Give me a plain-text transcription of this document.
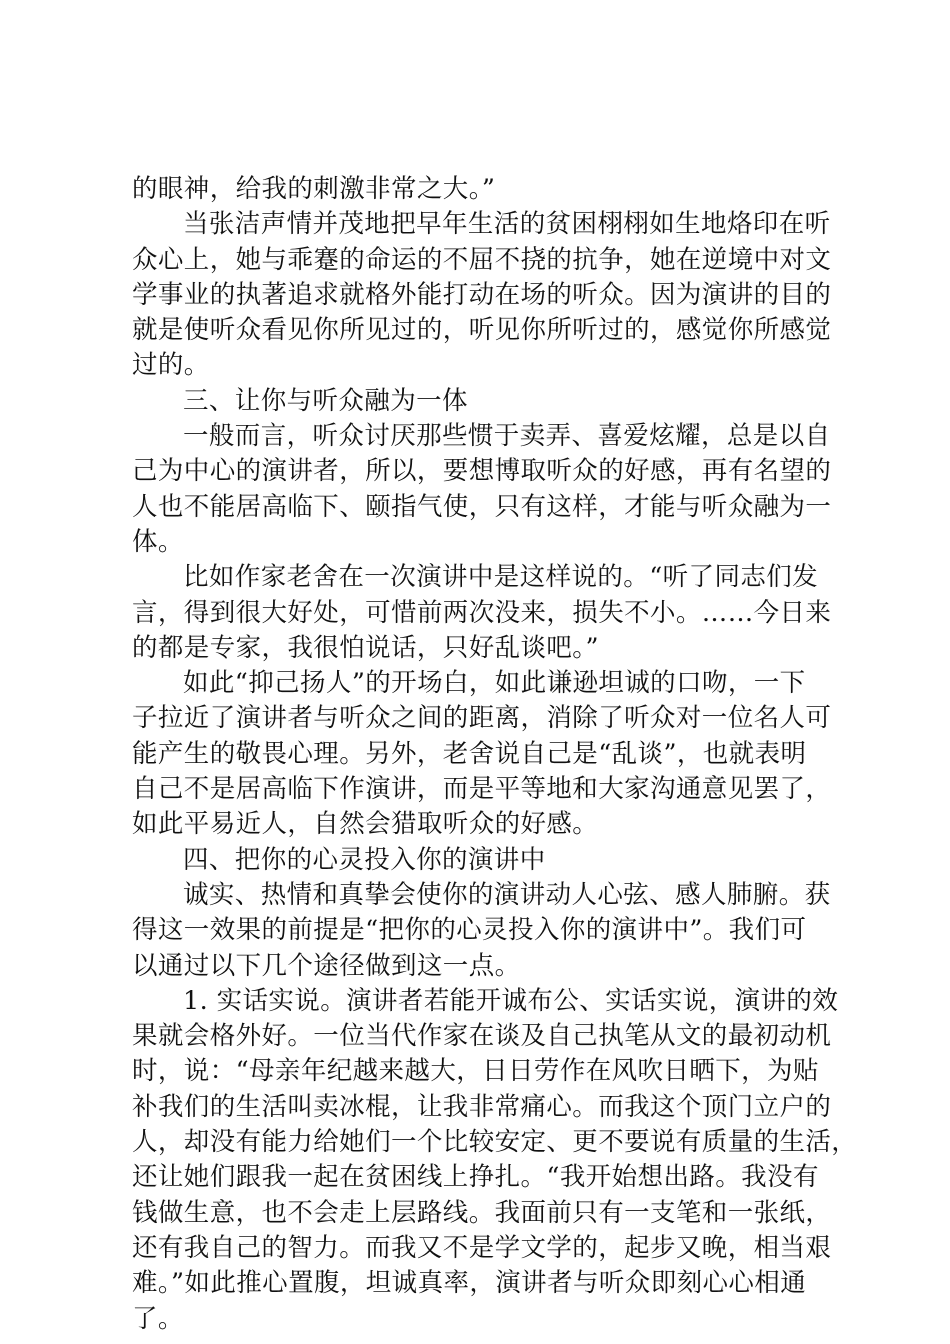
的眼神，给我的刺激非常之大。”
当张洁声情并茂地把早年生活的贫困栩栩如生地烙印在听
众心上，她与乖蹇的命运的不屈不挠的抗争，她在逆境中对文
学事业的执著追求就格外能打动在场的听众。因为演讲的目的
就是使听众看见你所见过的，听见你所听过的，感觉你所感觉
过的。
三、让你与听众融为一体
一般而言，听众讨厌那些惯于卖弄、喜爱炫耀，总是以自
己为中心的演讲者，所以，要想博取听众的好感，再有名望的
人也不能居高临下、颐指气使，只有这样，才能与听众融为一
体。
比如作家老舍在一次演讲中是这样说的。“听了同志们发
言，得到很大好处，可惜前两次没来，损失不小。……今日来
的都是专家，我很怕说话，只好乱谈吧。”
如此“抑己扬人”的开场白，如此谦逊坦诚的口吻，一下
子拉近了演讲者与听众之间的距离，消除了听众对一位名人可
能产生的敬畏心理。另外，老舍说自己是“乱谈”，也就表明
自己不是居高临下作演讲，而是平等地和大家沟通意见罢了，
如此平易近人，自然会猎取听众的好感。
四、把你的心灵投入你的演讲中
诚实、热情和真挚会使你的演讲动人心弦、感人肺腑。获
得这一效果的前提是“把你的心灵投入你的演讲中”。我们可
以通过以下几个途径做到这一点。
1. 实话实说。演讲者若能开诚布公、实话实说，演讲的效
果就会格外好。一位当代作家在谈及自己执笔从文的最初动机
时，说：“母亲年纪越来越大，日日劳作在风吹日晒下，为贴
补我们的生活叫卖冰棍，让我非常痛心。而我这个顶门立户的
人，却没有能力给她们一个比较安定、更不要说有质量的生活，
还让她们跟我一起在贫困线上挣扎。“我开始想出路。我没有
钱做生意，也不会走上层路线。我面前只有一支笔和一张纸，
还有我自己的智力。而我又不是学文学的，起步又晚，相当艰
难。”如此推心置腹，坦诚真率，演讲者与听众即刻心心相通
了。
